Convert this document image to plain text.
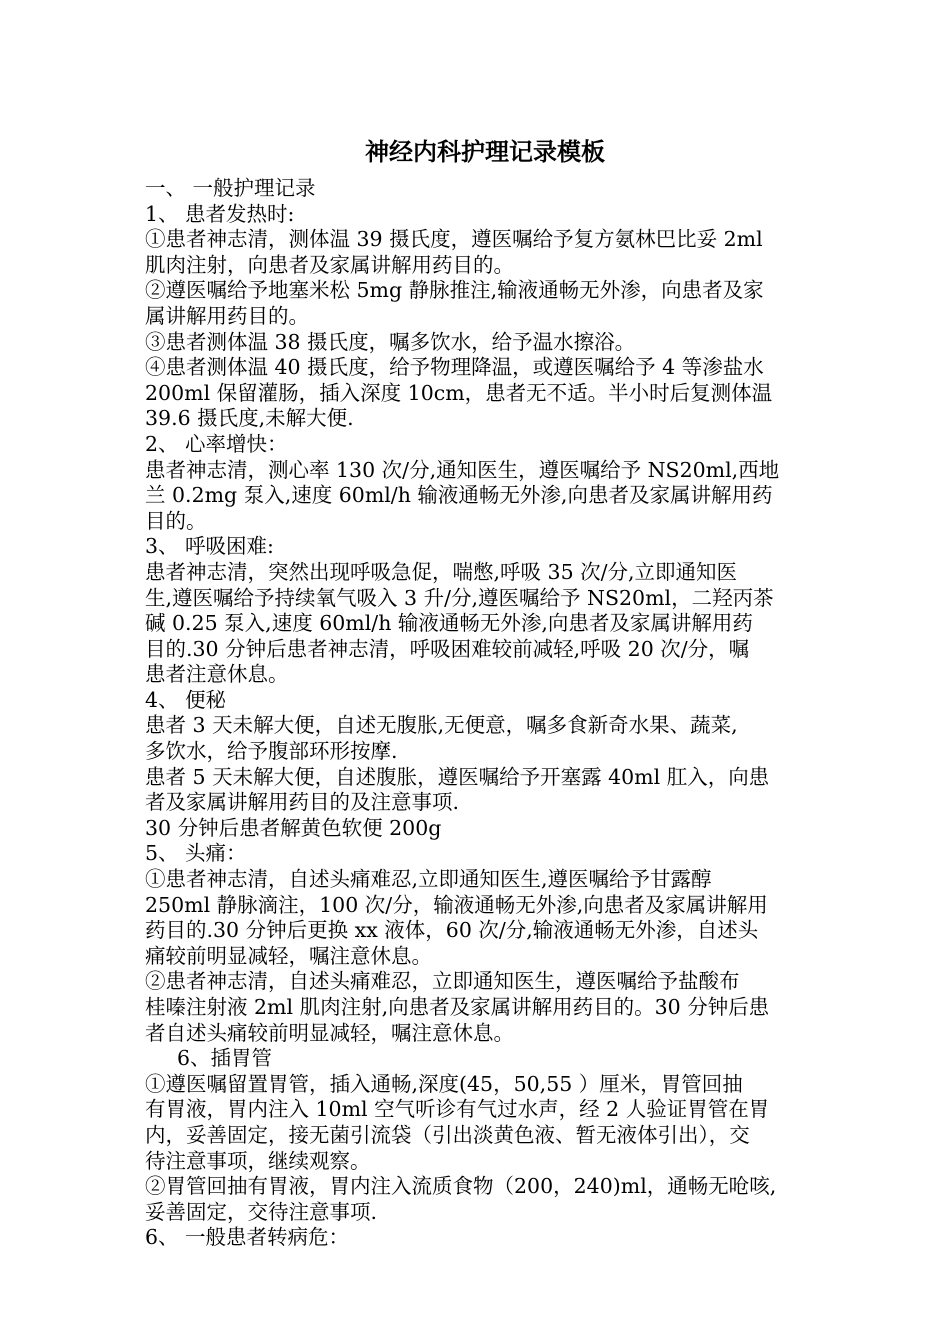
神经内科护理记录模板
一、 一般护理记录
1、 患者发热时:
①患者神志清，测体温 39 摄氏度，遵医嘱给予复方氨林巴比妥 2ml
肌肉注射，向患者及家属讲解用药目的。
②遵医嘱给予地塞米松 5mg 静脉推注,输液通畅无外渗，向患者及家
属讲解用药目的。
③患者测体温 38 摄氏度，嘱多饮水，给予温水擦浴。
④患者测体温 40 摄氏度，给予物理降温，或遵医嘱给予 4 等渗盐水
200ml 保留灌肠，插入深度 10cm，患者无不适。半小时后复测体温
39.6 摄氏度,未解大便.
2、 心率增快：
患者神志清，测心率 130 次/分,通知医生，遵医嘱给予 NS20ml,西地
兰 0.2mg 泵入,速度 60ml/h 输液通畅无外渗,向患者及家属讲解用药
目的。
3、 呼吸困难:
患者神志清，突然出现呼吸急促，喘憋,呼吸 35 次/分,立即通知医
生,遵医嘱给予持续氧气吸入 3 升/分,遵医嘱给予 NS20ml，二羟丙茶
碱 0.25 泵入,速度 60ml/h 输液通畅无外渗,向患者及家属讲解用药
目的.30 分钟后患者神志清，呼吸困难较前减轻,呼吸 20 次/分，嘱
患者注意休息。
4、 便秘
患者 3 天未解大便，自述无腹胀,无便意，嘱多食新奇水果、蔬菜,
多饮水，给予腹部环形按摩.
患者 5 天未解大便，自述腹胀，遵医嘱给予开塞露 40ml 肛入，向患
者及家属讲解用药目的及注意事项.
30 分钟后患者解黄色软便 200g
5、 头痛：
①患者神志清，自述头痛难忍,立即通知医生,遵医嘱给予甘露醇
250ml 静脉滴注，100 次/分，输液通畅无外渗,向患者及家属讲解用
药目的.30 分钟后更换 xx 液体，60 次/分,输液通畅无外渗，自述头
痛较前明显减轻，嘱注意休息。
②患者神志清，自述头痛难忍，立即通知医生，遵医嘱给予盐酸布
桂嗪注射液 2ml 肌肉注射,向患者及家属讲解用药目的。30 分钟后患
者自述头痛较前明显减轻，嘱注意休息。
6、插胃管
①遵医嘱留置胃管，插入通畅,深度(45，50,55 ）厘米，胃管回抽
有胃液，胃内注入 10ml 空气听诊有气过水声，经 2 人验证胃管在胃
内，妥善固定，接无菌引流袋（引出淡黄色液、暂无液体引出），交
待注意事项，继续观察。
②胃管回抽有胃液，胃内注入流质食物（200，240)ml，通畅无呛咳,
妥善固定，交待注意事项.
6、 一般患者转病危：
